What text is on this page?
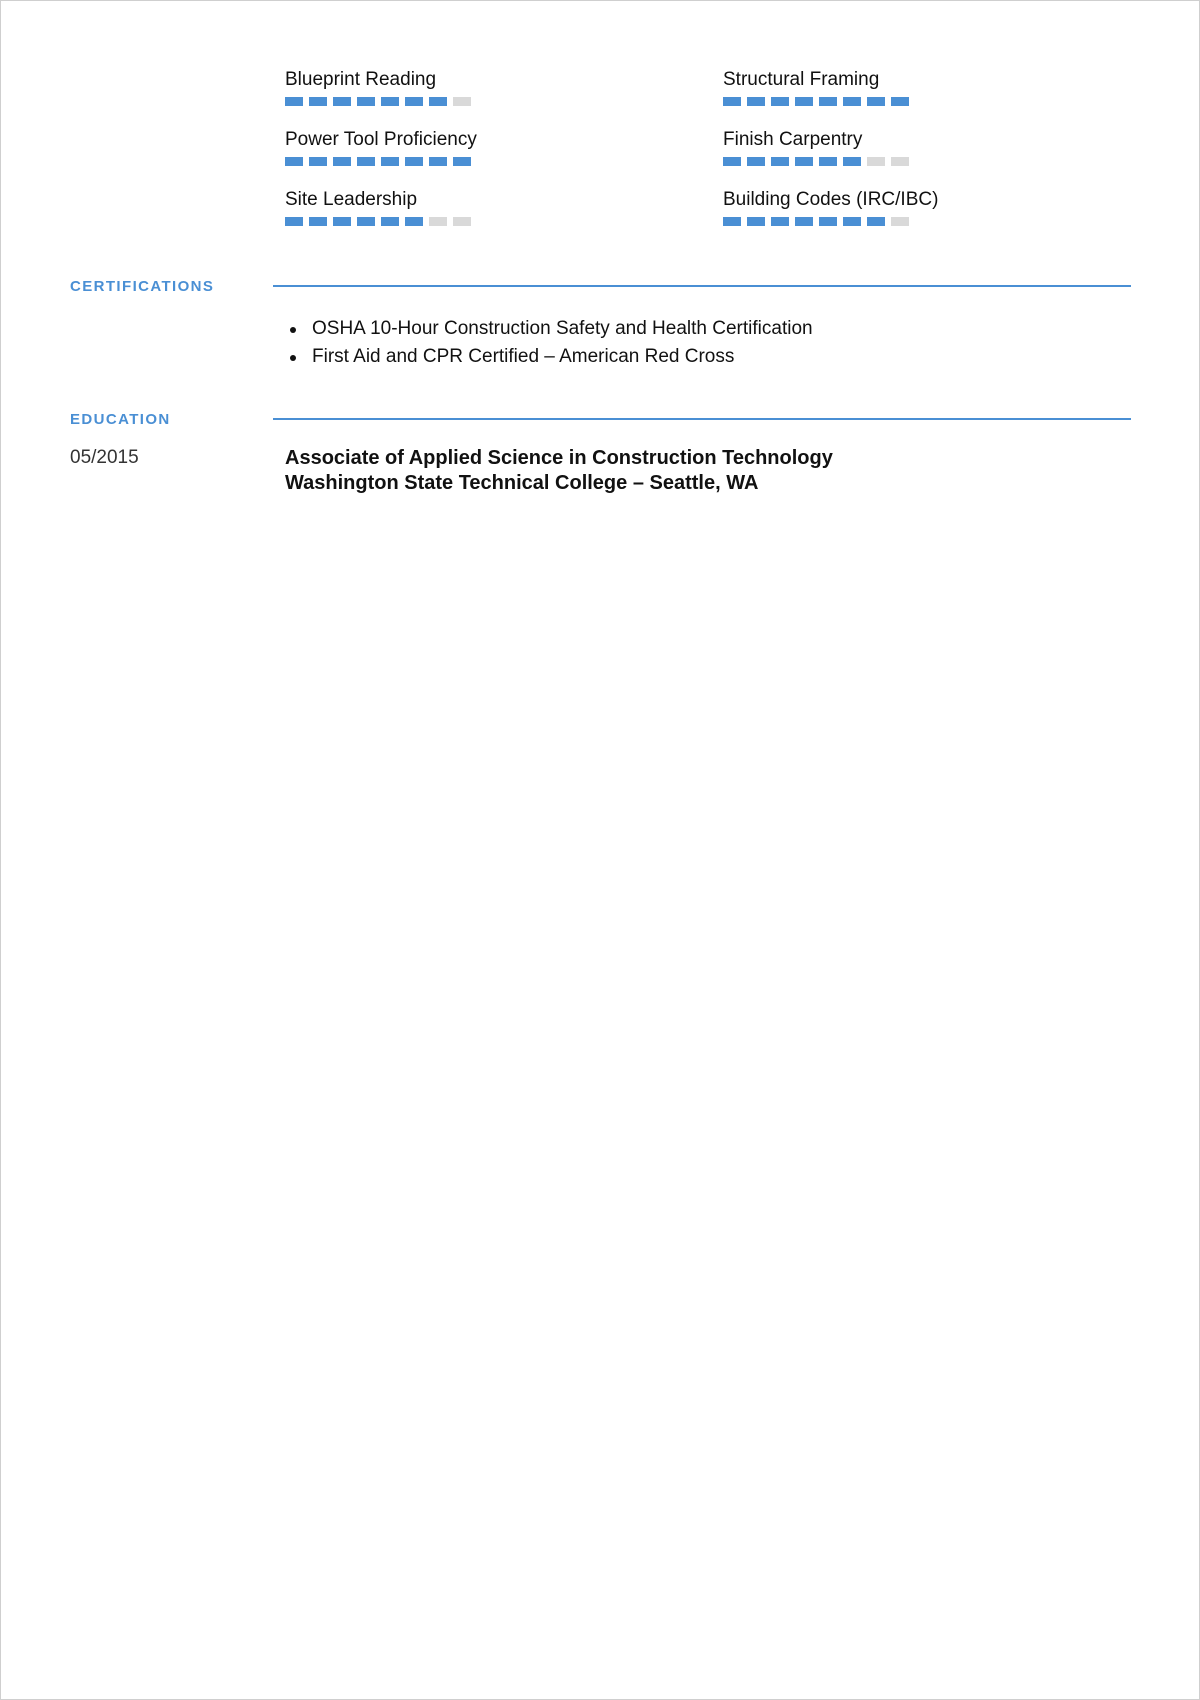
Blueprint Reading	Structural Framing
Power Tool Proficiency	Finish Carpentry
Site Leadership	Building Codes (IRC/IBC)
CERTIFICATIONS
OSHA 10-Hour Construction Safety and Health Certification
First Aid and CPR Certified – American Red Cross
EDUCATION
05/2015	Associate of Applied Science in Construction Technology
Washington State Technical College – Seattle, WA
